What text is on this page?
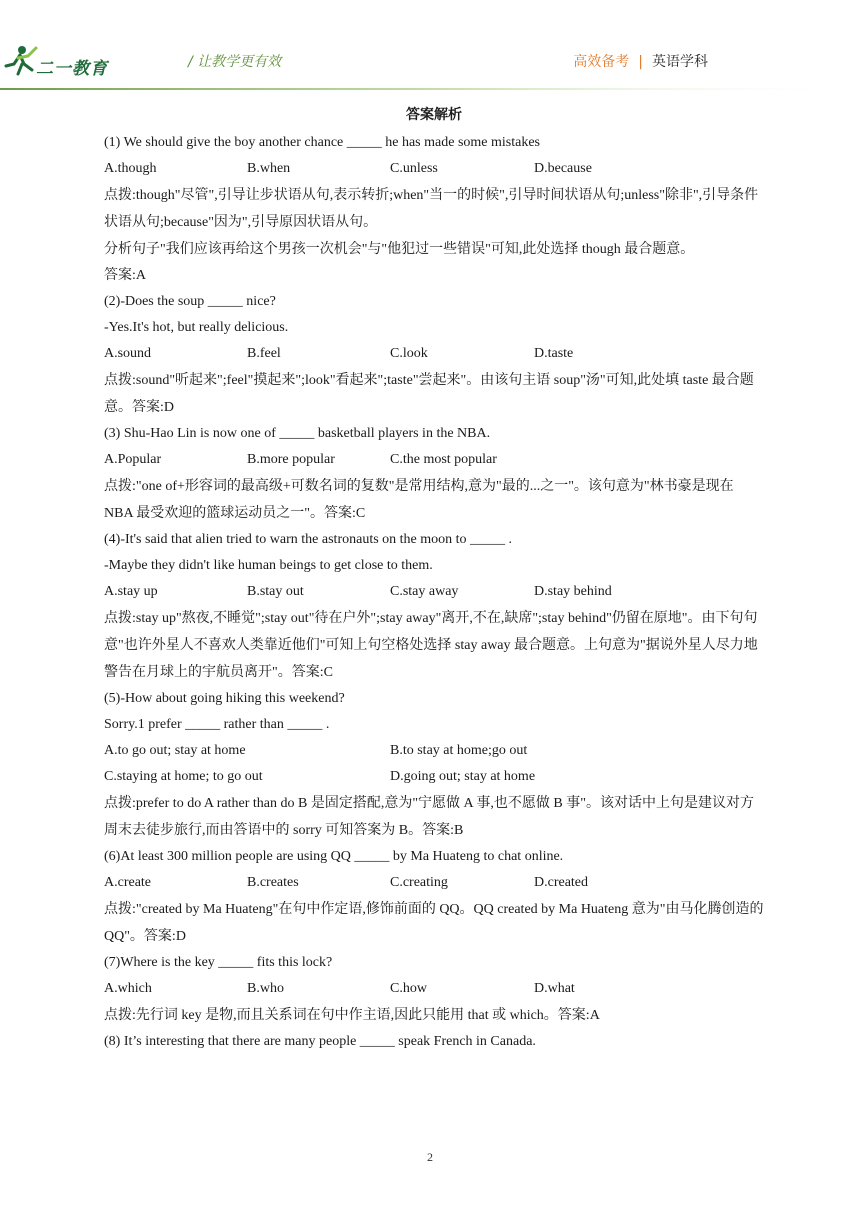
二一教育	/ 让教学更有效	高效备考 | 英语学科
答案解析

(1) We should give the boy another chance _____ he has made some mistakes

A.though	B.when	C.unless	D.because

点拨:though"尽管",引导让步状语从句,表示转折;when"当一的时候",引导时间状语从句;unless"除非",引导条件状语从句;because"因为",引导原因状语从句。

分析句子"我们应该再给这个男孩一次机会"与"他犯过一些错误"可知,此处选择 though 最合题意。

答案:A

(2)-Does the soup _____ nice?

-Yes.It's hot, but really delicious.

A.sound	B.feel	C.look	D.taste

点拨:sound"听起来";feel"摸起来";look"看起来";taste"尝起来"。由该句主语 soup"汤"可知,此处填 taste 最合题意。答案:D

(3) Shu-Hao Lin is now one of _____ basketball players in the NBA.

A.Popular	B.more popular	C.the most popular

点拨:"one of+形容词的最高级+可数名词的复数"是常用结构,意为"最的...之一"。该句意为"林书豪是现在 NBA 最受欢迎的篮球运动员之一"。答案:C

(4)-It's said that alien tried to warn the astronauts on the moon to _____ .

-Maybe they didn't like human beings to get close to them.

A.stay up	B.stay out	C.stay away	D.stay behind

点拨:stay up"熬夜,不睡觉";stay out"待在户外";stay away"离开,不在,缺席";stay behind"仍留在原地"。由下句句意"也许外星人不喜欢人类靠近他们"可知上句空格处选择 stay away 最合题意。上句意为"据说外星人尽力地警告在月球上的宇航员离开"。答案:C

(5)-How about going hiking this weekend?

Sorry.1 prefer _____ rather than _____ .

A.to go out; stay at home	B.to stay at home;go out
C.staying at home; to go out	D.going out; stay at home

点拨:prefer to do A rather than do B 是固定搭配,意为"宁愿做 A 事,也不愿做 B 事"。该对话中上句是建议对方周末去徒步旅行,而由答语中的 sorry 可知答案为 B。答案:B

(6)At least 300 million people are using QQ _____ by Ma Huateng to chat online.

A.create	B.creates	C.creating	D.created

点拨:"created by Ma Huateng"在句中作定语,修饰前面的 QQ。QQ created by Ma Huateng 意为"由马化腾创造的 QQ"。答案:D

(7)Where is the key _____ fits this lock?

A.which	B.who	C.how	D.what

点拨:先行词 key 是物,而且关系词在句中作主语,因此只能用 that 或 which。答案:A

(8) It’s interesting that there are many people _____ speak French in Canada.

2
